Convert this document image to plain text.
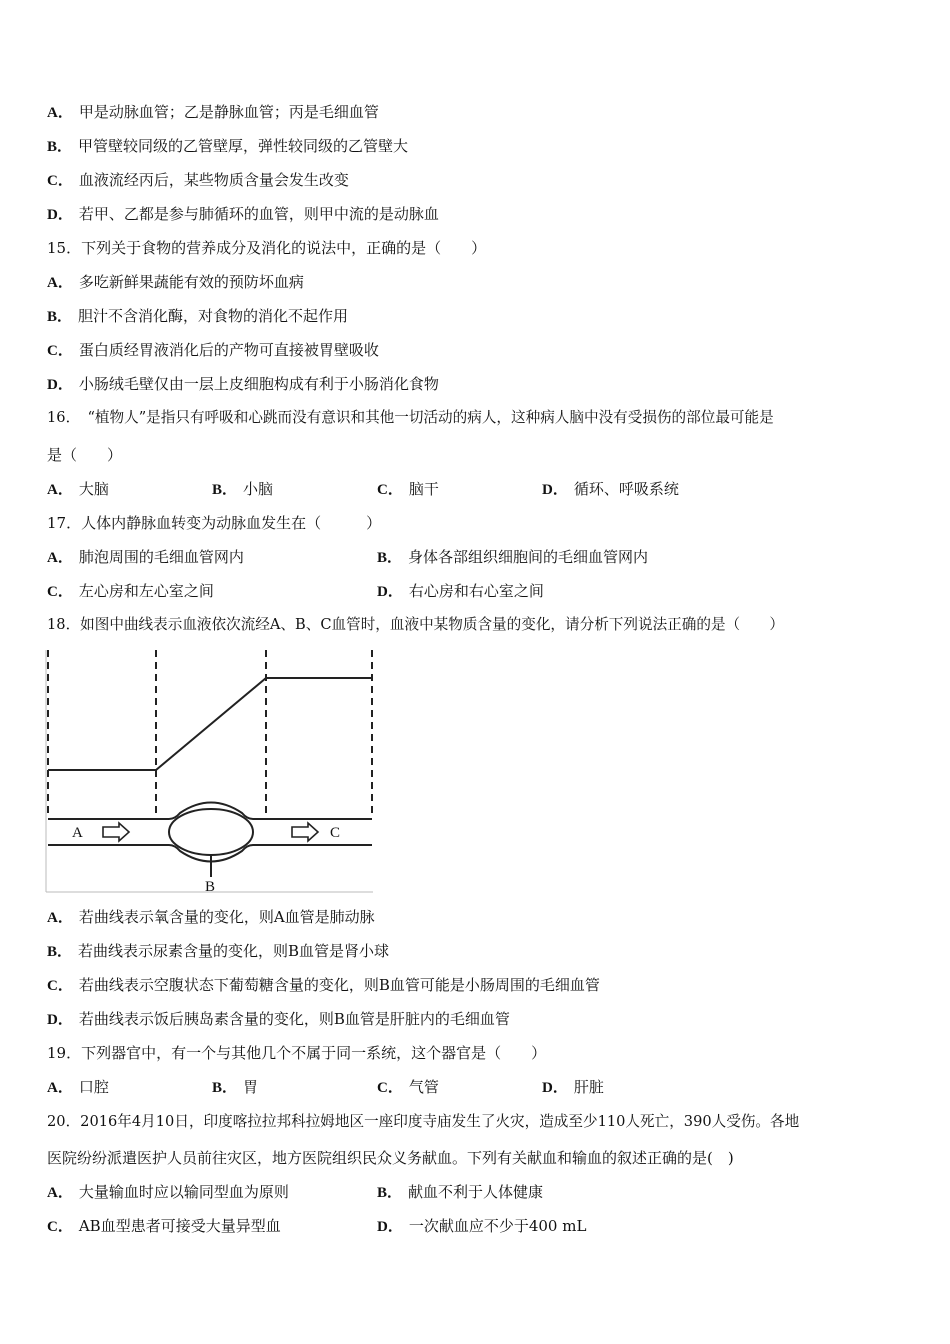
A． 甲是动脉血管；乙是静脉血管；丙是毛细血管
B． 甲管壁较同级的乙管壁厚，弹性较同级的乙管壁大
C． 血液流经丙后，某些物质含量会发生改变
D． 若甲、乙都是参与肺循环的血管，则甲中流的是动脉血
15．下列关于食物的营养成分及消化的说法中，正确的是（　　）
A． 多吃新鲜果蔬能有效的预防坏血病
B． 胆汁不含消化酶，对食物的消化不起作用
C． 蛋白质经胃液消化后的产物可直接被胃壁吸收
D． 小肠绒毛壁仅由一层上皮细胞构成有利于小肠消化食物
16．　“植物人”是指只有呼吸和心跳而没有意识和其他一切活动的病人，这种病人脑中没有受损伤的部位最可能是
是（　　）
A． 大脑	B． 小脑	C． 脑干	D． 循环、呼吸系统
17．人体内静脉血转变为动脉血发生在（　　　）
A． 肺泡周围的毛细血管网内	B． 身体各部组织细胞间的毛细血管网内
C． 左心房和左心室之间	D． 右心房和右心室之间
18．如图中曲线表示血液依次流经A、B、C血管时，血液中某物质含量的变化，请分析下列说法正确的是（　　）
A	C
B
A． 若曲线表示氧含量的变化，则A血管是肺动脉
B． 若曲线表示尿素含量的变化，则B血管是肾小球
C． 若曲线表示空腹状态下葡萄糖含量的变化，则B血管可能是小肠周围的毛细血管
D． 若曲线表示饭后胰岛素含量的变化，则B血管是肝脏内的毛细血管
19．下列器官中，有一个与其他几个不属于同一系统，这个器官是（　　）
A． 口腔	B． 胃	C． 气管	D． 肝脏
20．2016年4月10日，印度喀拉拉邦科拉姆地区一座印度寺庙发生了火灾，造成至少110人死亡，390人受伤。各地
医院纷纷派遣医护人员前往灾区，地方医院组织民众义务献血。下列有关献血和输血的叙述正确的是(　)
A． 大量输血时应以输同型血为原则	B． 献血不利于人体健康
C． AB血型患者可接受大量异型血	D． 一次献血应不少于400 mL
